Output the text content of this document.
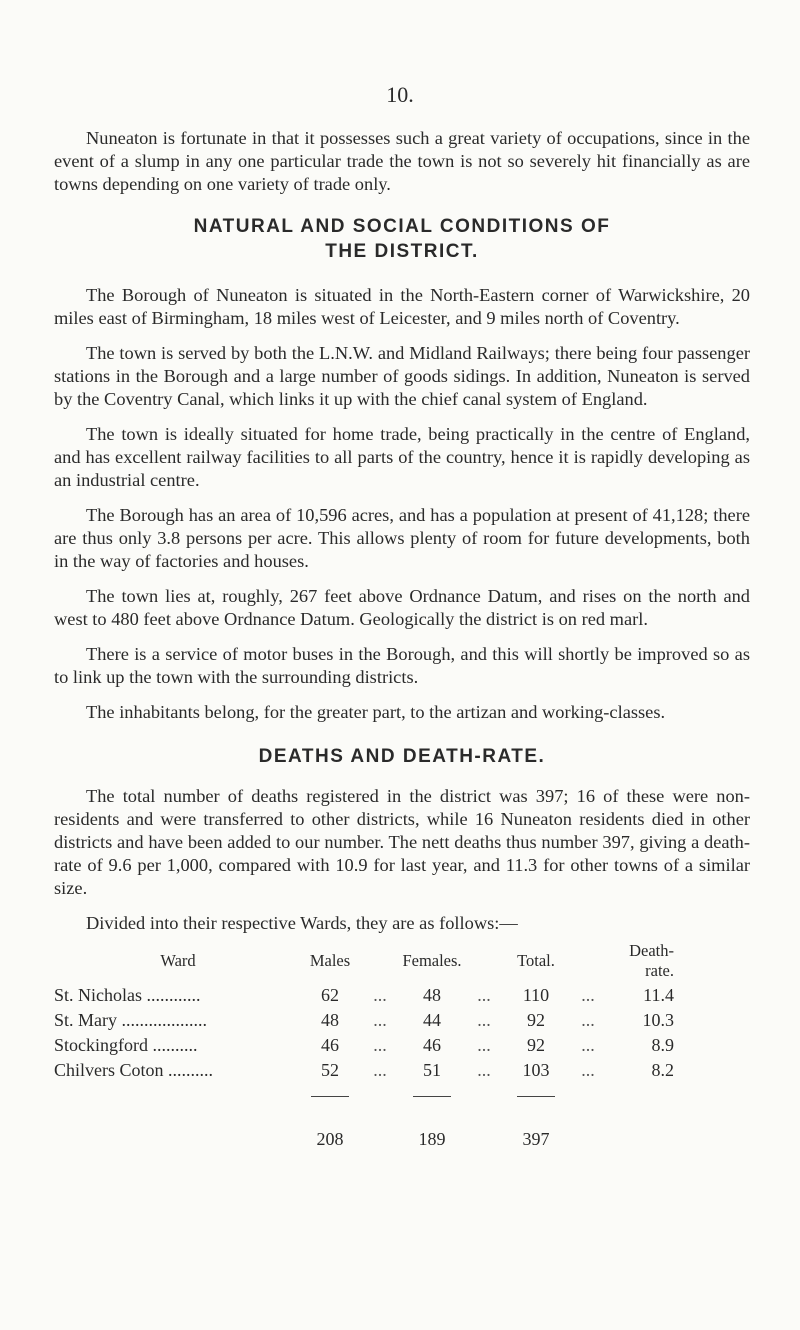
10.

Nuneaton is fortunate in that it possesses such a great variety of occupations, since in the event of a slump in any one particular trade the town is not so severely hit financially as are towns depending on one variety of trade only.

NATURAL AND SOCIAL CONDITIONS OF
THE DISTRICT.

The Borough of Nuneaton is situated in the North-Eastern corner of Warwickshire, 20 miles east of Birmingham, 18 miles west of Leicester, and 9 miles north of Coventry.

The town is served by both the L.N.W. and Midland Railways; there being four passenger stations in the Borough and a large number of goods sidings. In addition, Nuneaton is served by the Coventry Canal, which links it up with the chief canal system of England.

The town is ideally situated for home trade, being practically in the centre of England, and has excellent railway facilities to all parts of the country, hence it is rapidly developing as an industrial centre.

The Borough has an area of 10,596 acres, and has a population at present of 41,128; there are thus only 3.8 persons per acre. This allows plenty of room for future developments, both in the way of factories and houses.

The town lies at, roughly, 267 feet above Ordnance Datum, and rises on the north and west to 480 feet above Ordnance Datum. Geologically the district is on red marl.

There is a service of motor buses in the Borough, and this will shortly be improved so as to link up the town with the surrounding districts.

The inhabitants belong, for the greater part, to the artizan and working-classes.

DEATHS AND DEATH-RATE.

The total number of deaths registered in the district was 397; 16 of these were non-residents and were transferred to other districts, while 16 Nuneaton residents died in other districts and have been added to our number. The nett deaths thus number 397, giving a death-rate of 9.6 per 1,000, compared with 10.9 for last year, and 11.3 for other towns of a similar size.

Divided into their respective Wards, they are as follows:—

Ward	Males		Females.		Total.		Death-rate.
St. Nicholas ............	62	...	48	...	110	...	11.4
St. Mary ...................	48	...	44	...	92	...	10.3
Stockingford ..........	46	...	46	...	92	...	8.9
Chilvers Coton ..........	52	...	51	...	103	...	8.2

	208		189		397		
